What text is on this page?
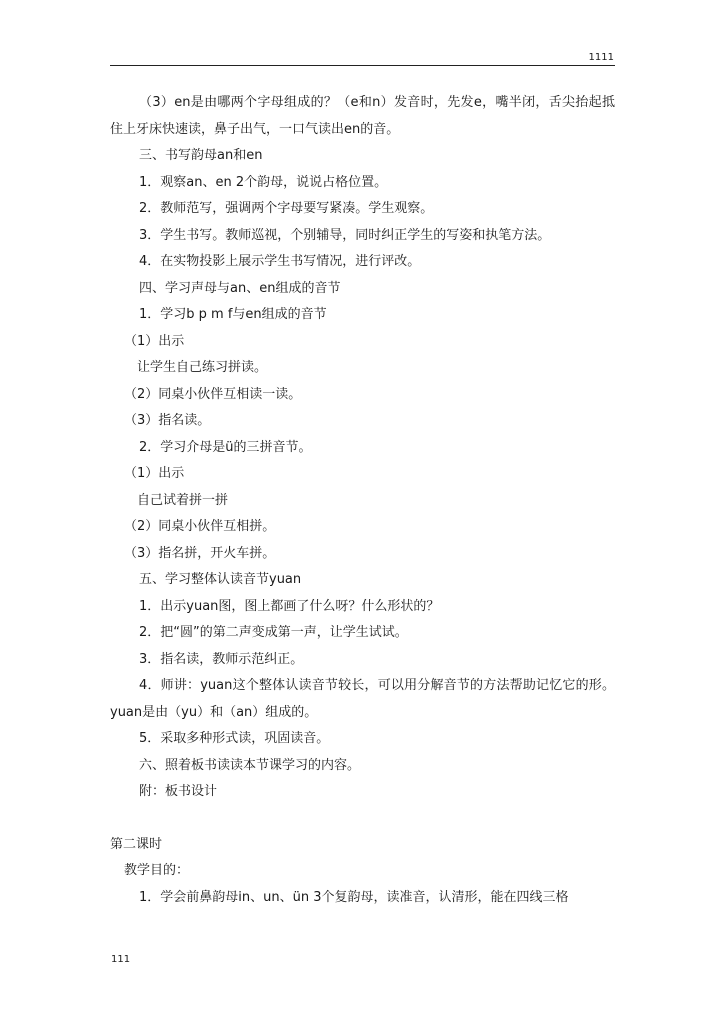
1111
（3）en是由哪两个字母组成的？（e和n）发音时，先发e，嘴半闭，舌尖抬起抵住上牙床快速读，鼻子出气，一口气读出en的音。
三、书写韵母an和en
1．观察an、en 2个韵母，说说占格位置。
2．教师范写，强调两个字母要写紧凑。学生观察。
3．学生书写。教师巡视，个别辅导，同时纠正学生的写姿和执笔方法。
4．在实物投影上展示学生书写情况，进行评改。
四、学习声母与an、en组成的音节
1．学习b p m f与en组成的音节
（1）出示
让学生自己练习拼读。
（2）同桌小伙伴互相读一读。
（3）指名读。
2．学习介母是ü的三拼音节。
（1）出示
自己试着拼一拼
（2）同桌小伙伴互相拼。
（3）指名拼，开火车拼。
五、学习整体认读音节yuan
1．出示yuan图，图上都画了什么呀？什么形状的？
2．把“圆”的第二声变成第一声，让学生试试。
3．指名读，教师示范纠正。
4．师讲：yuan这个整体认读音节较长，可以用分解音节的方法帮助记忆它的形。yuan是由（yu）和（an）组成的。
5．采取多种形式读，巩固读音。
六、照着板书读读本节课学习的内容。
附：板书设计
第二课时
教学目的：
1．学会前鼻韵母in、un、ün 3个复韵母，读准音，认清形，能在四线三格
111
